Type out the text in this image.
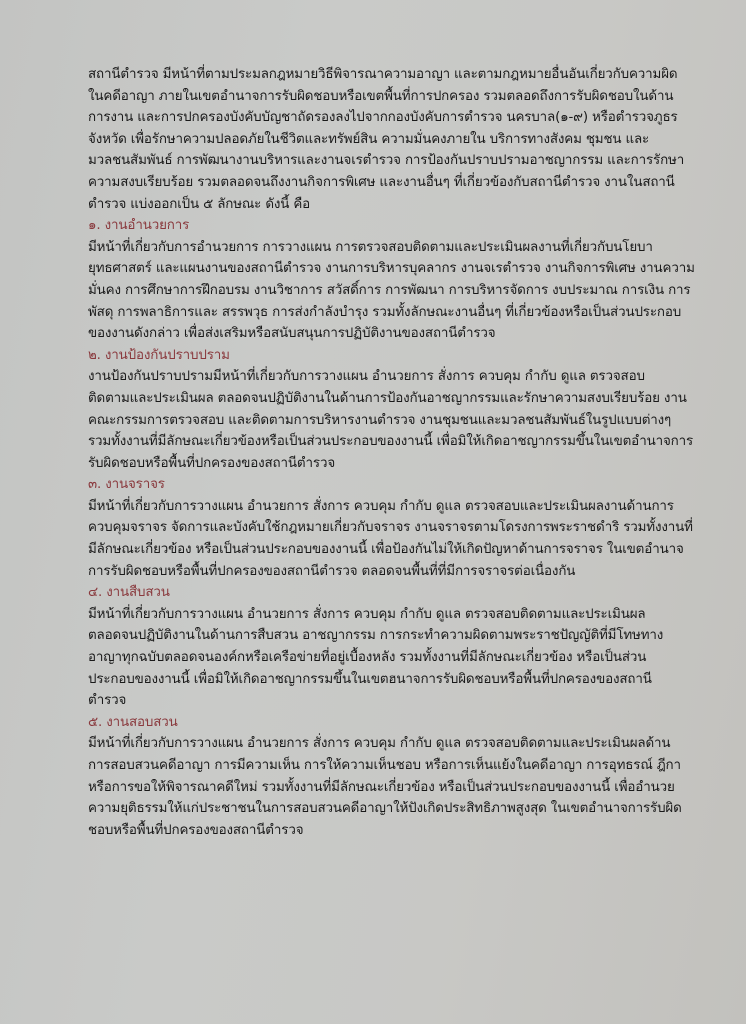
สถานีตำรวจ มีหน้าที่ตามประมลกฎหมายวิธีพิจารณาความอาญา และตามกฎหมายอื่นอันเกี่ยวกับความผิด
ในคดีอาญา ภายในเขตอำนาจการรับผิดชอบหรือเขตพื้นที่การปกครอง รวมตลอดถึงการรับผิดชอบในด้าน
การงาน และการปกครองบังคับบัญชาถัดรองลงไปจากกองบังคับการตำรวจ นครบาล(๑-๙) หรือตำรวจภูธร
จังหวัด เพื่อรักษาความปลอดภัยในชีวิตและทรัพย์สิน ความมั่นคงภายใน บริการทางสังคม ชุมชน และ
มวลชนสัมพันธ์ การพัฒนางานบริหารและงานจเรตำรวจ การป้องกันปราบปรามอาชญากรรม และการรักษา
ความสงบเรียบร้อย รวมตลอดจนถึงงานกิจการพิเศษ และงานอื่นๆ ที่เกี่ยวข้องกับสถานีตำรวจ งานในสถานี
ตำรวจ แบ่งออกเป็น ๕ ลักษณะ ดังนี้ คือ
๑. งานอำนวยการ
มีหน้าที่เกี่ยวกับการอำนวยการ การวางแผน การตรวจสอบติดตามและประเมินผลงานที่เกี่ยวกับนโยบา
ยุทธศาสตร์ และแผนงานของสถานีตำรวจ งานการบริหารบุคลากร งานจเรตำรวจ งานกิจการพิเศษ งานความ
มั่นคง การศึกษาการฝึกอบรม งานวิชาการ สวัสดิ์การ การพัฒนา การบริหารจัดการ งบประมาณ การเงิน การ
พัสดุ การพลาธิการและ สรรพวุธ การส่งกำลังบำรุง รวมทั้งลักษณะงานอื่นๆ ที่เกี่ยวข้องหรือเป็นส่วนประกอบ
ของงานดังกล่าว เพื่อส่งเสริมหรือสนับสนุนการปฏิบัติงานของสถานีตำรวจ
๒. งานป้องกันปราบปราม
งานป้องกันปราบปรามมีหน้าที่เกี่ยวกับการวางแผน อำนวยการ สั่งการ ควบคุม กำกับ ดูแล ตรวจสอบ
ติดตามและประเมินผล ตลอดจนปฏิบัติงานในด้านการป้องกันอาชญากรรมและรักษาความสงบเรียบร้อย งาน
คณะกรรมการตรวจสอบ และติดตามการบริหารงานตำรวจ งานชุมชนและมวลชนสัมพันธ์ในรูปแบบต่างๆ
รวมทั้งงานที่มีลักษณะเกี่ยวข้องหรือเป็นส่วนประกอบของงานนี้ เพื่อมิให้เกิดอาชญากรรมขึ้นในเขตอำนาจการ
รับผิดชอบหรือพื้นที่ปกครองของสถานีตำรวจ
๓. งานจราจร
มีหน้าที่เกี่ยวกับการวางแผน อำนวยการ สั่งการ ควบคุม กำกับ ดูแล ตรวจสอบและประเมินผลงานด้านการ
ควบคุมจราจร จัดการและบังคับใช้กฎหมายเกี่ยวกับจราจร งานจราจรตามโดรงการพระราชดำริ รวมทั้งงานที่
มีลักษณะเกี่ยวข้อง หรือเป็นส่วนประกอบของงานนี้ เพื่อป้องกันไม่ให้เกิดปัญหาด้านการจราจร ในเขตอำนาจ
การรับผิดชอบหรือพื้นที่ปกครองของสถานีตำรวจ ตลอดจนพื้นที่ที่มีการจราจรต่อเนื่องกัน
๔. งานสืบสวน
มีหน้าที่เกี่ยวกับการวางแผน อำนวยการ สั่งการ ควบคุม กำกับ ดูแล ตรวจสอบติดตามและประเมินผล
ตลอดจนปฏิบัติงานในด้านการสืบสวน อาชญากรรม การกระทำความผิดตามพระราชปัญญัติที่มีโทษทาง
อาญาทุกฉบับตลอดจนองค์กหรือเครือข่ายที่อยู่เบื้องหลัง รวมทั้งงานที่มีลักษณะเกี่ยวข้อง หรือเป็นส่วน
ประกอบของงานนี้ เพื่อมิให้เกิดอาชญากรรมขึ้นในเขตฮนาจการรับผิดชอบหรือพื้นที่ปกครองของสถานี
ตำรวจ
๕. งานสอบสวน
มีหน้าที่เกี่ยวกับการวางแผน อำนวยการ สั่งการ ควบคุม กำกับ ดูแล ตรวจสอบติดตามและประเมินผลด้าน
การสอบสวนคดีอาญา การมีความเห็น การให้ความเห็นชอบ หรือการเห็นแย้งในคดีอาญา การอุทธรณ์ ฎีกา
หรือการขอให้พิจารณาคดีใหม่ รวมทั้งงานที่มีลักษณะเกี่ยวข้อง หรือเป็นส่วนประกอบของงานนี้ เพื่ออำนวย
ความยุติธรรมให้แก่ประชาชนในการสอบสวนคดีอาญาให้ปังเกิดประสิทธิภาพสูงสุด ในเขตอำนาจการรับผิด
ชอบหรือพื้นที่ปกครองของสถานีตำรวจ
